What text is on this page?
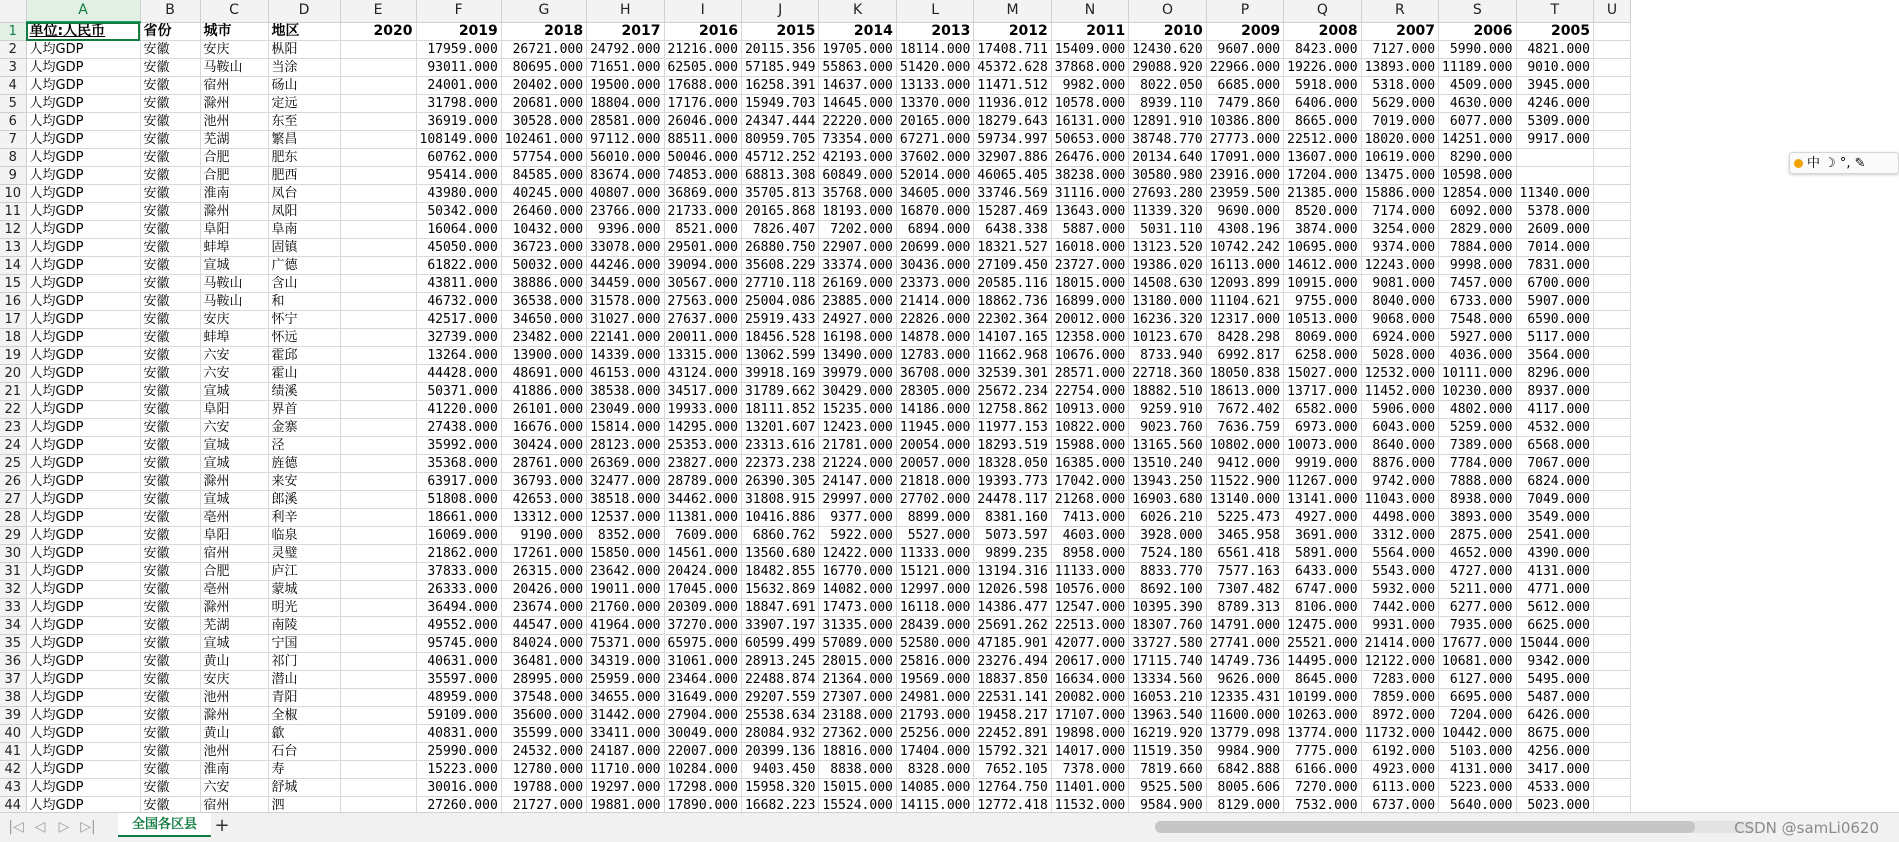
	A	B	C	D	E	F	G	H	I	J	K	L	M	N	O	P	Q	R	S	T	U
1	单位:人民币	省份	城市	地区	2020	2019	2018	2017	2016	2015	2014	2013	2012	2011	2010	2009	2008	2007	2006	2005	
2	人均GDP	安徽	安庆	枞阳		17959.000	26721.000	24792.000	21216.000	20115.356	19705.000	18114.000	17408.711	15409.000	12430.620	9607.000	8423.000	7127.000	5990.000	4821.000	
3	人均GDP	安徽	马鞍山	当涂		93011.000	80695.000	71651.000	62505.000	57185.949	55863.000	51420.000	45372.628	37868.000	29088.920	22966.000	19226.000	13893.000	11189.000	9010.000	
4	人均GDP	安徽	宿州	砀山		24001.000	20402.000	19500.000	17688.000	16258.391	14637.000	13133.000	11471.512	9982.000	8022.050	6685.000	5918.000	5318.000	4509.000	3945.000	
5	人均GDP	安徽	滁州	定远		31798.000	20681.000	18804.000	17176.000	15949.703	14645.000	13370.000	11936.012	10578.000	8939.110	7479.860	6406.000	5629.000	4630.000	4246.000	
6	人均GDP	安徽	池州	东至		36919.000	30528.000	28581.000	26046.000	24347.444	22220.000	20165.000	18279.643	16131.000	12891.910	10386.800	8665.000	7019.000	6077.000	5309.000	
7	人均GDP	安徽	芜湖	繁昌		108149.000	102461.000	97112.000	88511.000	80959.705	73354.000	67271.000	59734.997	50653.000	38748.770	27773.000	22512.000	18020.000	14251.000	9917.000	
8	人均GDP	安徽	合肥	肥东		60762.000	57754.000	56010.000	50046.000	45712.252	42193.000	37602.000	32907.886	26476.000	20134.640	17091.000	13607.000	10619.000	8290.000		
9	人均GDP	安徽	合肥	肥西		95414.000	84585.000	83674.000	74853.000	68813.308	60849.000	52014.000	46065.405	38238.000	30580.980	23916.000	17204.000	13475.000	10598.000		
10	人均GDP	安徽	淮南	凤台		43980.000	40245.000	40807.000	36869.000	35705.813	35768.000	34605.000	33746.569	31116.000	27693.280	23959.500	21385.000	15886.000	12854.000	11340.000	
11	人均GDP	安徽	滁州	凤阳		50342.000	26460.000	23766.000	21733.000	20165.868	18193.000	16870.000	15287.469	13643.000	11339.320	9690.000	8520.000	7174.000	6092.000	5378.000	
12	人均GDP	安徽	阜阳	阜南		16064.000	10432.000	9396.000	8521.000	7826.407	7202.000	6894.000	6438.338	5887.000	5031.110	4308.196	3874.000	3254.000	2829.000	2609.000	
13	人均GDP	安徽	蚌埠	固镇		45050.000	36723.000	33078.000	29501.000	26880.750	22907.000	20699.000	18321.527	16018.000	13123.520	10742.242	10695.000	9374.000	7884.000	7014.000	
14	人均GDP	安徽	宣城	广德		61822.000	50032.000	44246.000	39094.000	35608.229	33374.000	30436.000	27109.450	23727.000	19386.020	16113.000	14612.000	12243.000	9998.000	7831.000	
15	人均GDP	安徽	马鞍山	含山		43811.000	38886.000	34459.000	30567.000	27710.118	26169.000	23373.000	20585.116	18015.000	14508.630	12093.899	10915.000	9081.000	7457.000	6700.000	
16	人均GDP	安徽	马鞍山	和		46732.000	36538.000	31578.000	27563.000	25004.086	23885.000	21414.000	18862.736	16899.000	13180.000	11104.621	9755.000	8040.000	6733.000	5907.000	
17	人均GDP	安徽	安庆	怀宁		42517.000	34650.000	31027.000	27637.000	25919.433	24927.000	22826.000	22302.364	20012.000	16236.320	12317.000	10513.000	9068.000	7548.000	6590.000	
18	人均GDP	安徽	蚌埠	怀远		32739.000	23482.000	22141.000	20011.000	18456.528	16198.000	14878.000	14107.165	12358.000	10123.670	8428.298	8069.000	6924.000	5927.000	5117.000	
19	人均GDP	安徽	六安	霍邱		13264.000	13900.000	14339.000	13315.000	13062.599	13490.000	12783.000	11662.968	10676.000	8733.940	6992.817	6258.000	5028.000	4036.000	3564.000	
20	人均GDP	安徽	六安	霍山		44428.000	48691.000	46153.000	43124.000	39918.169	39979.000	36708.000	32539.301	28571.000	22718.360	18050.838	15027.000	12532.000	10111.000	8296.000	
21	人均GDP	安徽	宣城	绩溪		50371.000	41886.000	38538.000	34517.000	31789.662	30429.000	28305.000	25672.234	22754.000	18882.510	18613.000	13717.000	11452.000	10230.000	8937.000	
22	人均GDP	安徽	阜阳	界首		41220.000	26101.000	23049.000	19933.000	18111.852	15235.000	14186.000	12758.862	10913.000	9259.910	7672.402	6582.000	5906.000	4802.000	4117.000	
23	人均GDP	安徽	六安	金寨		27438.000	16676.000	15814.000	14295.000	13201.607	12423.000	11945.000	11977.153	10822.000	9023.760	7636.759	6973.000	6043.000	5259.000	4532.000	
24	人均GDP	安徽	宣城	泾		35992.000	30424.000	28123.000	25353.000	23313.616	21781.000	20054.000	18293.519	15988.000	13165.560	10802.000	10073.000	8640.000	7389.000	6568.000	
25	人均GDP	安徽	宣城	旌德		35368.000	28761.000	26369.000	23827.000	22373.238	21224.000	20057.000	18328.050	16385.000	13510.240	9412.000	9919.000	8876.000	7784.000	7067.000	
26	人均GDP	安徽	滁州	来安		63917.000	36793.000	32477.000	28789.000	26390.305	24147.000	21818.000	19393.773	17042.000	13943.250	11522.900	11267.000	9742.000	7888.000	6824.000	
27	人均GDP	安徽	宣城	郎溪		51808.000	42653.000	38518.000	34462.000	31808.915	29997.000	27702.000	24478.117	21268.000	16903.680	13140.000	13141.000	11043.000	8938.000	7049.000	
28	人均GDP	安徽	亳州	利辛		18661.000	13312.000	12537.000	11381.000	10416.886	9377.000	8899.000	8381.160	7413.000	6026.210	5225.473	4927.000	4498.000	3893.000	3549.000	
29	人均GDP	安徽	阜阳	临泉		16069.000	9190.000	8352.000	7609.000	6860.762	5922.000	5527.000	5073.597	4603.000	3928.000	3465.958	3691.000	3312.000	2875.000	2541.000	
30	人均GDP	安徽	宿州	灵璧		21862.000	17261.000	15850.000	14561.000	13560.680	12422.000	11333.000	9899.235	8958.000	7524.180	6561.418	5891.000	5564.000	4652.000	4390.000	
31	人均GDP	安徽	合肥	庐江		37833.000	26315.000	23642.000	20424.000	18482.855	16770.000	15121.000	13194.316	11133.000	8833.770	7577.163	6433.000	5543.000	4727.000	4131.000	
32	人均GDP	安徽	亳州	蒙城		26333.000	20426.000	19011.000	17045.000	15632.869	14082.000	12997.000	12026.598	10576.000	8692.100	7307.482	6747.000	5932.000	5211.000	4771.000	
33	人均GDP	安徽	滁州	明光		36494.000	23674.000	21760.000	20309.000	18847.691	17473.000	16118.000	14386.477	12547.000	10395.390	8789.313	8106.000	7442.000	6277.000	5612.000	
34	人均GDP	安徽	芜湖	南陵		49552.000	44547.000	41964.000	37270.000	33907.197	31335.000	28439.000	25691.262	22513.000	18307.760	14791.000	12475.000	9931.000	7935.000	6625.000	
35	人均GDP	安徽	宣城	宁国		95745.000	84024.000	75371.000	65975.000	60599.499	57089.000	52580.000	47185.901	42077.000	33727.580	27741.000	25521.000	21414.000	17677.000	15044.000	
36	人均GDP	安徽	黄山	祁门		40631.000	36481.000	34319.000	31061.000	28913.245	28015.000	25816.000	23276.494	20617.000	17115.740	14749.736	14495.000	12122.000	10681.000	9342.000	
37	人均GDP	安徽	安庆	潜山		35597.000	28995.000	25959.000	23464.000	22488.874	21364.000	19569.000	18837.850	16634.000	13334.560	9626.000	8645.000	7283.000	6127.000	5495.000	
38	人均GDP	安徽	池州	青阳		48959.000	37548.000	34655.000	31649.000	29207.559	27307.000	24981.000	22531.141	20082.000	16053.210	12335.431	10199.000	7859.000	6695.000	5487.000	
39	人均GDP	安徽	滁州	全椒		59109.000	35600.000	31442.000	27904.000	25538.634	23188.000	21793.000	19458.217	17107.000	13963.540	11600.000	10263.000	8972.000	7204.000	6426.000	
40	人均GDP	安徽	黄山	歙		40831.000	35599.000	33411.000	30049.000	28084.932	27362.000	25256.000	22452.891	19898.000	16219.920	13779.098	13774.000	11732.000	10442.000	8675.000	
41	人均GDP	安徽	池州	石台		25990.000	24532.000	24187.000	22007.000	20399.136	18816.000	17404.000	15792.321	14017.000	11519.350	9984.900	7775.000	6192.000	5103.000	4256.000	
42	人均GDP	安徽	淮南	寿		15223.000	12780.000	11710.000	10284.000	9403.450	8838.000	8328.000	7652.105	7378.000	7819.660	6842.888	6166.000	4923.000	4131.000	3417.000	
43	人均GDP	安徽	六安	舒城		30016.000	19788.000	19297.000	17298.000	15958.320	15015.000	14085.000	12764.750	11401.000	9525.500	8005.606	7270.000	6113.000	5223.000	4533.000	
44	人均GDP	安徽	宿州	泗		27260.000	21727.000	19881.000	17890.000	16682.223	15524.000	14115.000	12772.418	11532.000	9584.900	8129.000	7532.000	6737.000	5640.000	5023.000	
中 ☽ °, ✎
|◁ ◁ ▷ ▷|	全国各区县 +	CSDN @samLi0620
